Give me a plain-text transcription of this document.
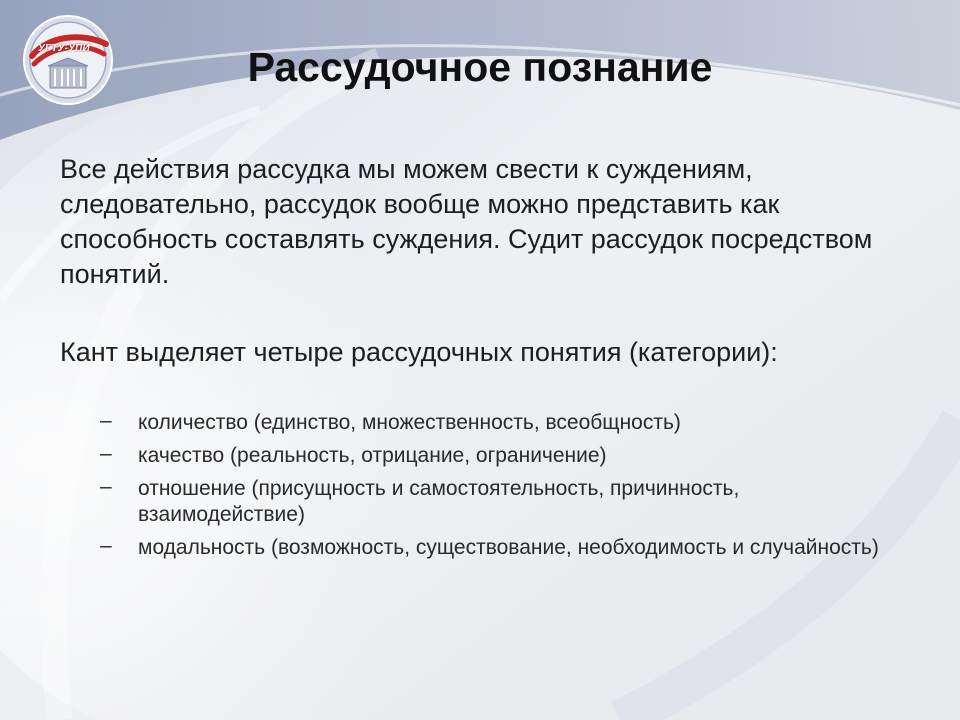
УГТУ-УПИ	Рассудочное познание

Все действия рассудка мы можем свести к суждениям, следовательно, рассудок вообще можно представить как способность составлять суждения. Судит рассудок посредством понятий.

Кант выделяет четыре рассудочных понятия (категории):

– количество (единство, множественность, всеобщность)
– качество (реальность, отрицание, ограничение)
– отношение (присущность и самостоятельность, причинность, взаимодействие)
– модальность (возможность, существование, необходимость и случайность)
